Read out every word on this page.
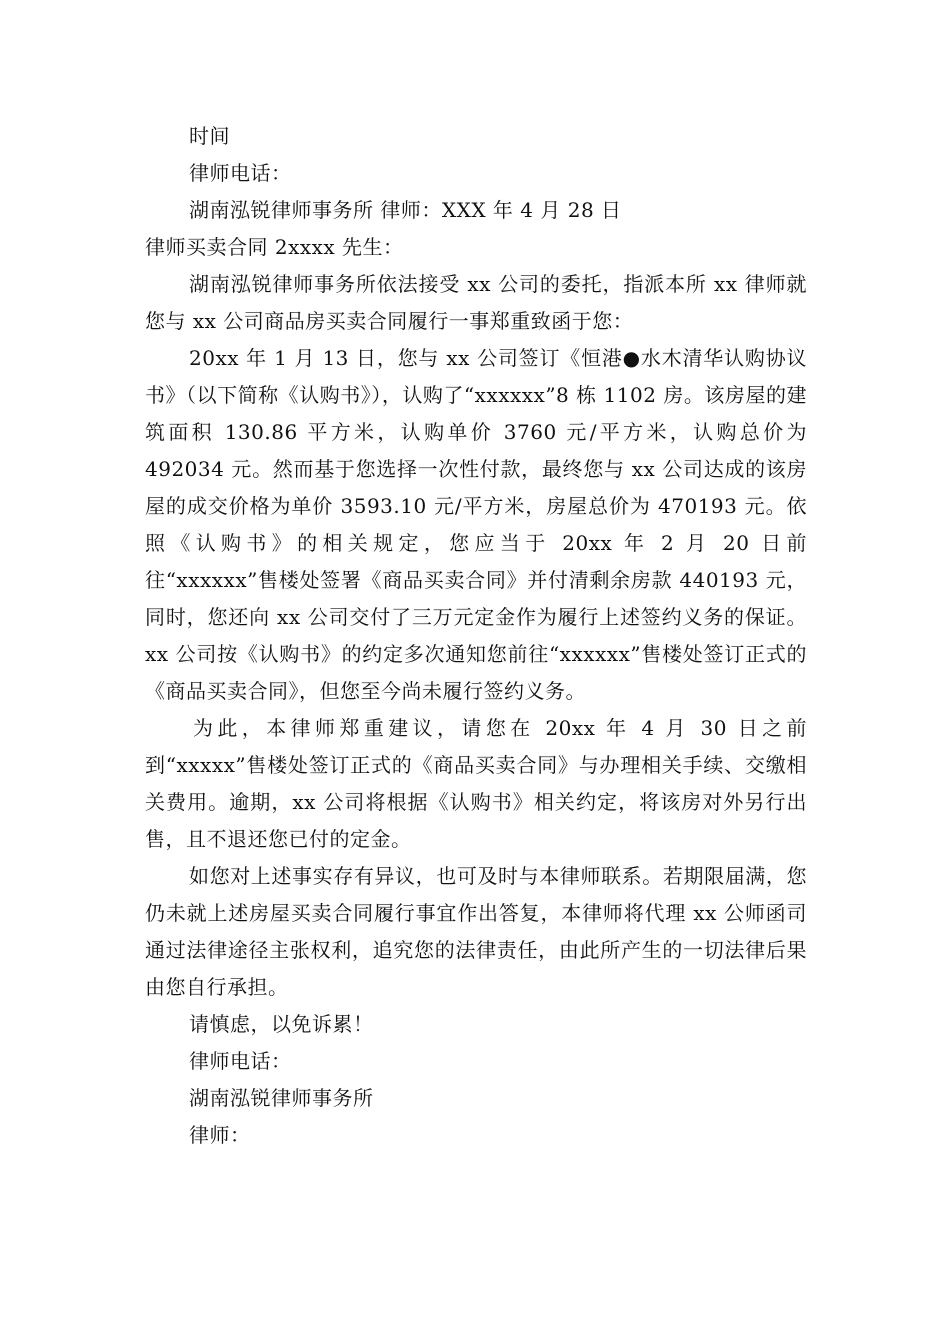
时间
律师电话：
湖南泓锐律师事务所 律师：XXX 年 4 月 28 日
律师买卖合同 2xxxx 先生：
湖南泓锐律师事务所依法接受 xx 公司的委托，指派本所 xx 律师就您与 xx 公司商品房买卖合同履行一事郑重致函于您：
20xx 年 1 月 13 日，您与 xx 公司签订《恒港●水木清华认购协议书》（以下简称《认购书》），认购了“xxxxxx”8 栋 1102 房。该房屋的建筑面积 130.86 平方米，认购单价 3760 元/平方米，认购总价为 492034 元。然而基于您选择一次性付款，最终您与 xx 公司达成的该房屋的成交价格为单价 3593.10 元/平方米，房屋总价为 470193 元。依照《认购书》的相关规定，您应当于 20xx 年 2 月 20 日前往“xxxxxx”售楼处签署《商品买卖合同》并付清剩余房款 440193 元，同时，您还向 xx 公司交付了三万元定金作为履行上述签约义务的保证。xx 公司按《认购书》的约定多次通知您前往“xxxxxx”售楼处签订正式的《商品买卖合同》，但您至今尚未履行签约义务。
为此，本律师郑重建议，请您在 20xx 年 4 月 30 日之前到“xxxxx”售楼处签订正式的《商品买卖合同》与办理相关手续、交缴相关费用。逾期，xx 公司将根据《认购书》相关约定，将该房对外另行出售，且不退还您已付的定金。
如您对上述事实存有异议，也可及时与本律师联系。若期限届满，您仍未就上述房屋买卖合同履行事宜作出答复，本律师将代理 xx 公师函司通过法律途径主张权利，追究您的法律责任，由此所产生的一切法律后果由您自行承担。
请慎虑，以免诉累！
律师电话：
湖南泓锐律师事务所
律师：
